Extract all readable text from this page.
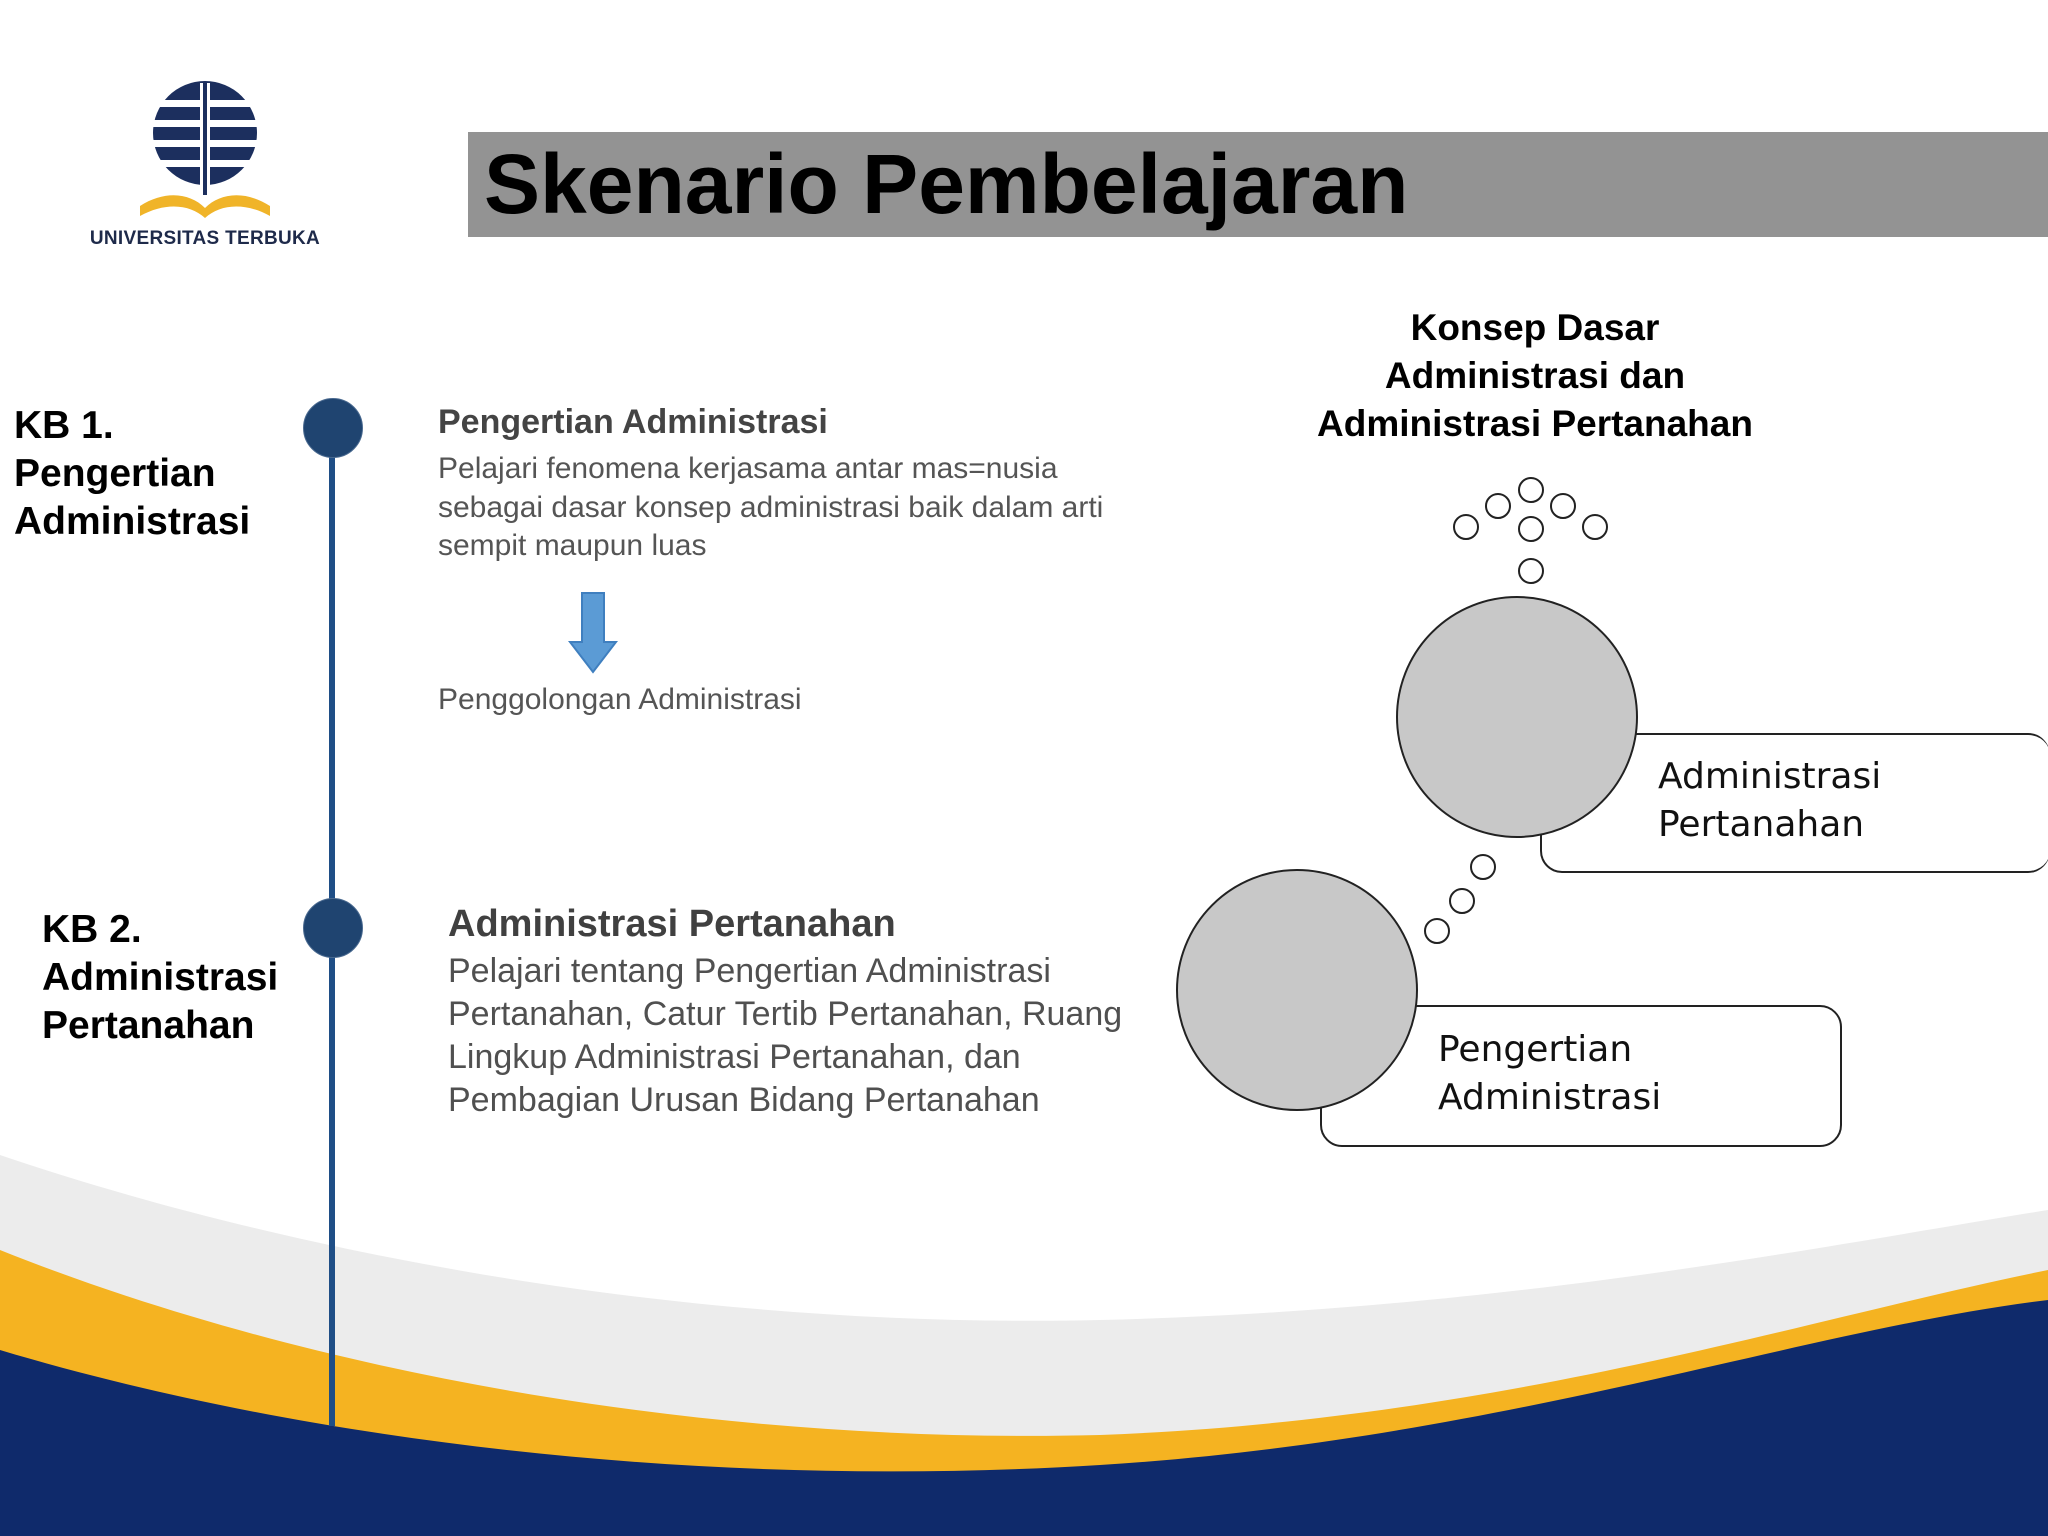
UNIVERSITAS TERBUKA
Skenario Pembelajaran
KB 1.
Pengertian
Administrasi
KB 2.
Administrasi
Pertanahan
Pengertian Administrasi
Pelajari fenomena kerjasama antar mas=nusia sebagai dasar konsep administrasi baik dalam arti sempit maupun luas
Penggolongan Administrasi
Administrasi Pertanahan
Pelajari tentang Pengertian Administrasi Pertanahan, Catur Tertib Pertanahan, Ruang Lingkup Administrasi Pertanahan, dan Pembagian Urusan Bidang Pertanahan
Konsep Dasar
Administrasi dan
Administrasi Pertanahan
Administrasi
Pertanahan
Pengertian
Administrasi
